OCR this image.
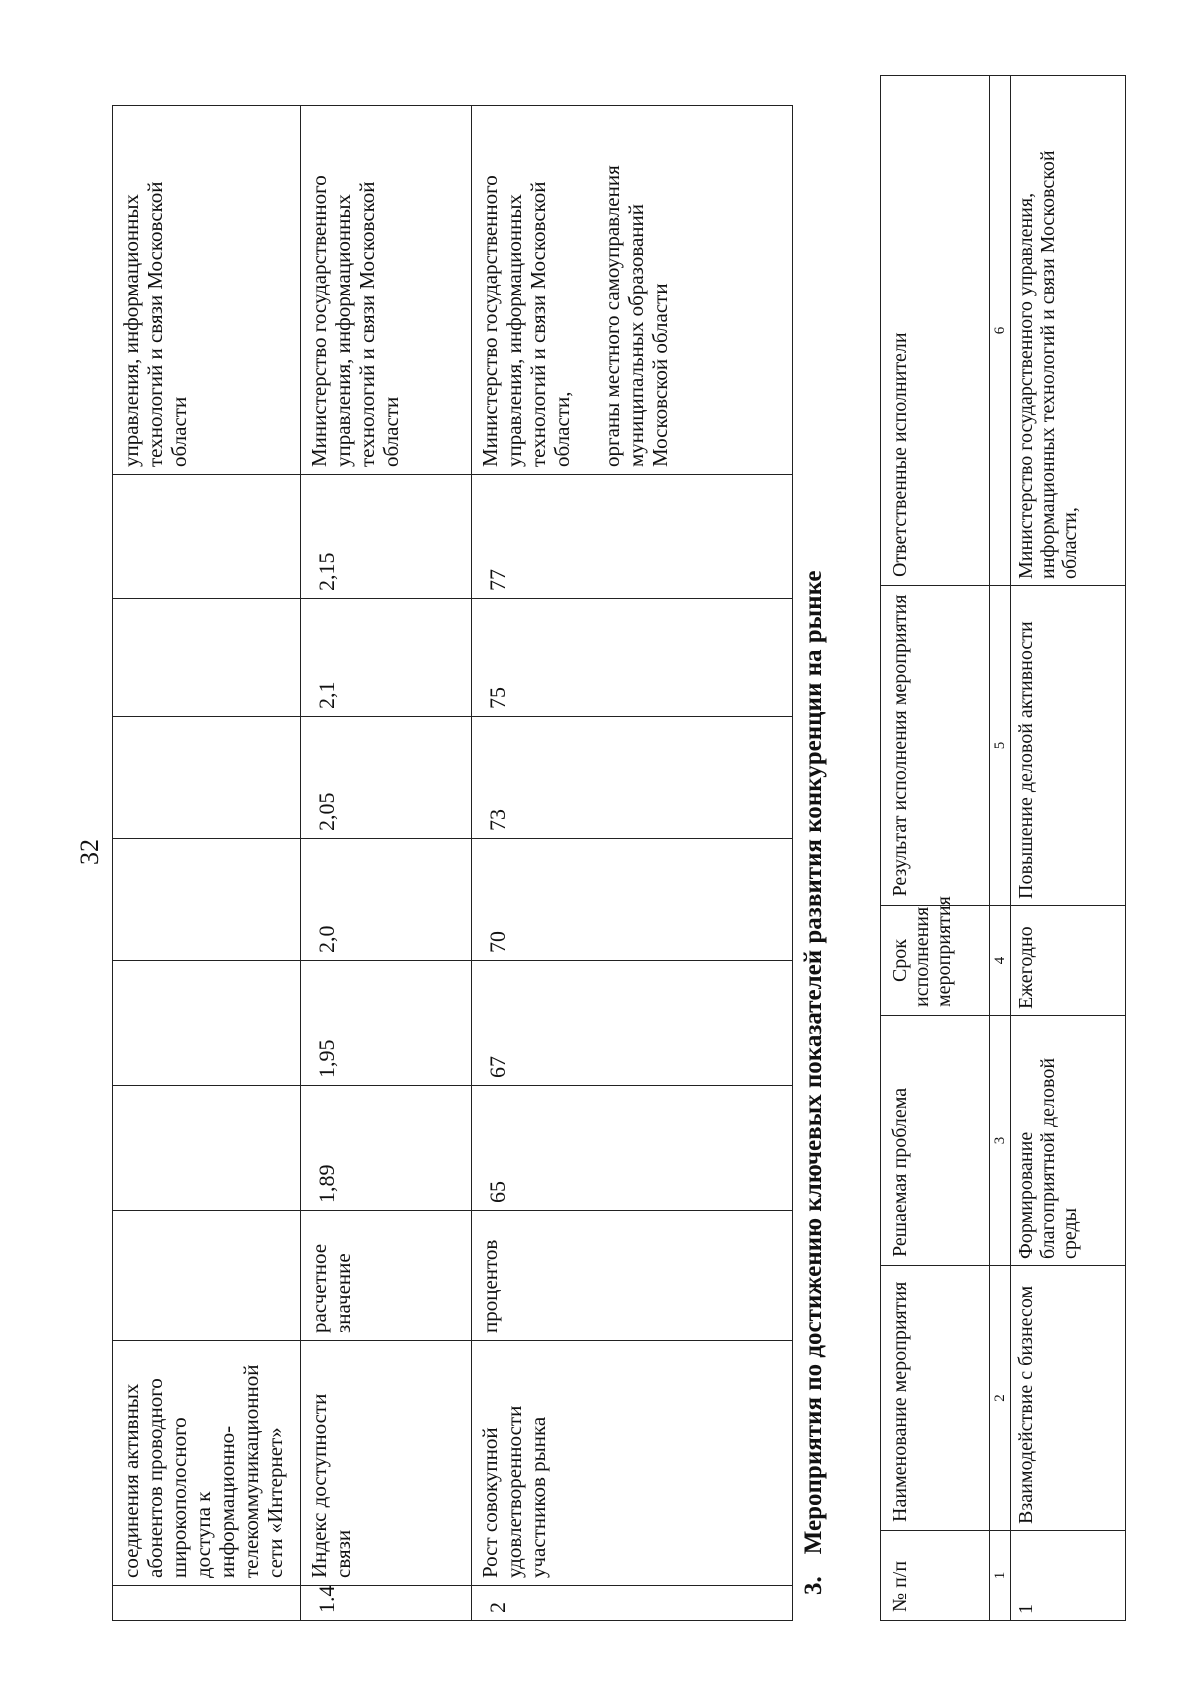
32
	соединения активных абонентов проводного широкополосного доступа к информационно-телекоммуникационной сети «Интернет»								управления, информационных технологий и связи Московской области
1.4	Индекс доступности связи	расчетное значение	1,89	1,95	2,0	2,05	2,1	2,15	Министерство государственного управления, информационных технологий и связи Московской области
2	Рост совокупной удовлетворенности участников рынка	процентов	65	67	70	73	75	77	Министерство государственного управления, информационных технологий и связи Московской области, органы местного самоуправления муниципальных образований Московской области
3.Мероприятия по достижению ключевых показателей развития конкуренции на рынке
№ п/п	Наименование мероприятия	Решаемая проблема	Срок исполнения мероприятия	Результат исполнения мероприятия	Ответственные исполнители
1	2	3	4	5	6
1	Взаимодействие с бизнесом	Формирование благоприятной деловой среды	Ежегодно	Повышение деловой активности	Министерство государственного управления, информационных технологий и связи Московской области,
